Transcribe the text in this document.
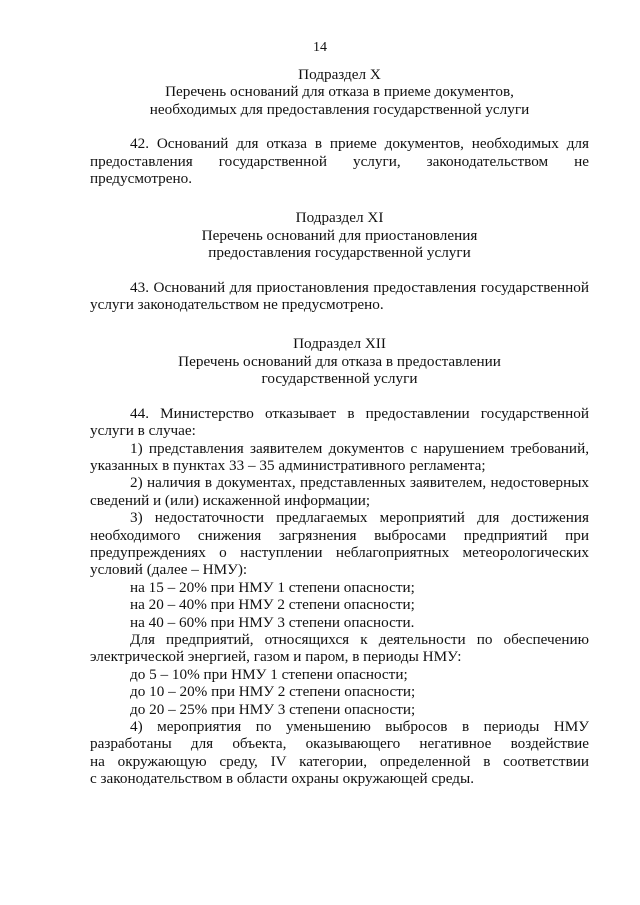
14
Подраздел X
Перечень оснований для отказа в приеме документов,
необходимых для предоставления государственной услуги
42. Оснований для отказа в приеме документов, необходимых для
предоставления государственной услуги, законодательством не
предусмотрено.
Подраздел XI
Перечень оснований для приостановления
предоставления государственной услуги
43. Оснований для приостановления предоставления государственной
услуги законодательством не предусмотрено.
Подраздел XII
Перечень оснований для отказа в предоставлении
государственной услуги
44. Министерство отказывает в предоставлении государственной
услуги в случае:
1) представления заявителем документов с нарушением требований,
указанных в пунктах 33 – 35 административного регламента;
2) наличия в документах, представленных заявителем, недостоверных
сведений и (или) искаженной информации;
3) недостаточности предлагаемых мероприятий для достижения
необходимого снижения загрязнения выбросами предприятий при
предупреждениях о наступлении неблагоприятных метеорологических
условий (далее – НМУ):
на 15 – 20% при НМУ 1 степени опасности;
на 20 – 40% при НМУ 2 степени опасности;
на 40 – 60% при НМУ 3 степени опасности.
Для предприятий, относящихся к деятельности по обеспечению
электрической энергией, газом и паром, в периоды НМУ:
до 5 – 10% при НМУ 1 степени опасности;
до 10 – 20% при НМУ 2 степени опасности;
до 20 – 25% при НМУ 3 степени опасности;
4) мероприятия по уменьшению выбросов в периоды НМУ
разработаны для объекта, оказывающего негативное воздействие
на окружающую среду, IV категории, определенной в соответствии
с законодательством в области охраны окружающей среды.
